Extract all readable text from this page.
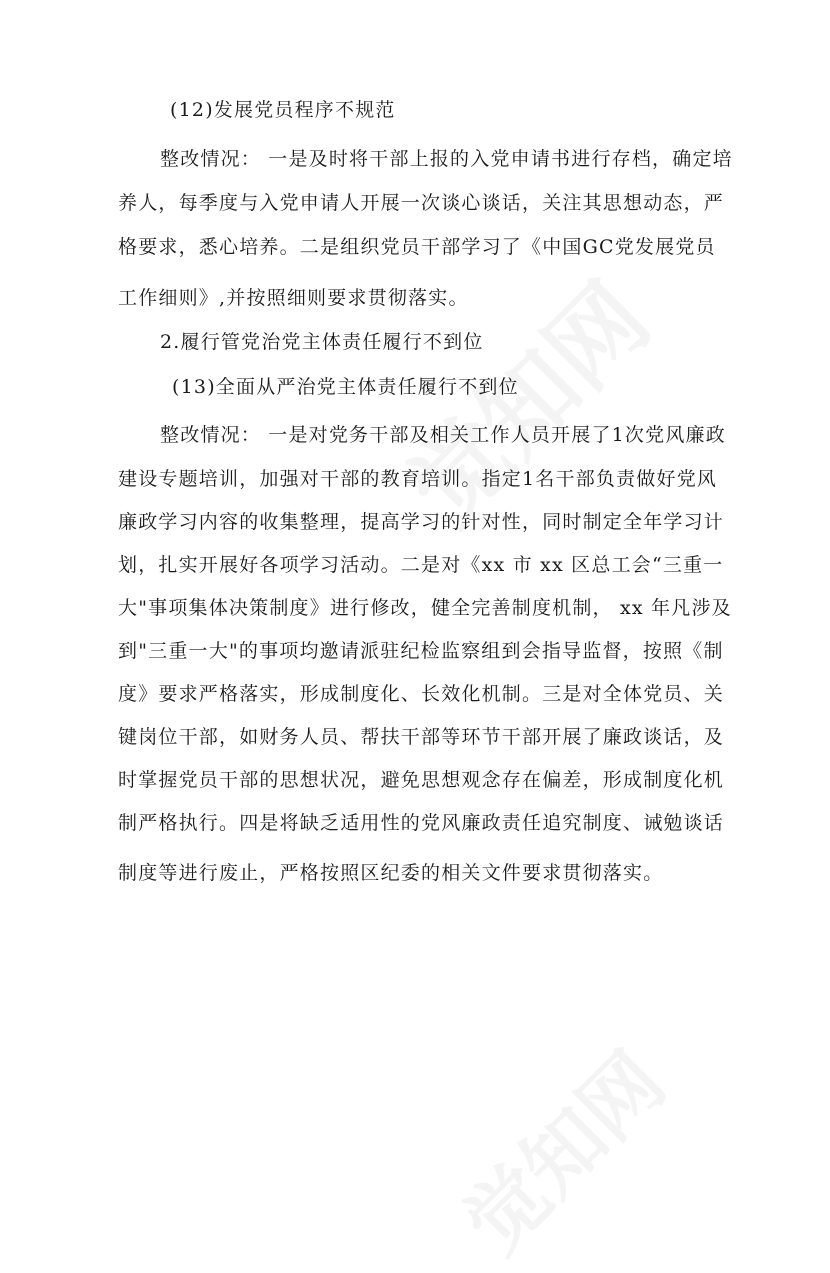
(12)发展党员程序不规范
整改情况： 一是及时将干部上报的入党申请书进行存档，确定培
养人，每季度与入党申请人开展一次谈心谈话，关注其思想动态，严
格要求，悉心培养。二是组织党员干部学习了《中国GC党发展党员
工作细则》,并按照细则要求贯彻落实。
2.履行管党治党主体责任履行不到位
(13)全面从严治党主体责任履行不到位
整改情况： 一是对党务干部及相关工作人员开展了1次党风廉政
建设专题培训，加强对干部的教育培训。指定1名干部负责做好党风
廉政学习内容的收集整理，提高学习的针对性，同时制定全年学习计
划，扎实开展好各项学习活动。二是对《xx 市 xx 区总工会“三重一
大"事项集体决策制度》进行修改，健全完善制度机制， xx 年凡涉及
到"三重一大"的事项均邀请派驻纪检监察组到会指导监督，按照《制
度》要求严格落实，形成制度化、长效化机制。三是对全体党员、关
键岗位干部，如财务人员、帮扶干部等环节干部开展了廉政谈话，及
时掌握党员干部的思想状况，避免思想观念存在偏差，形成制度化机
制严格执行。四是将缺乏适用性的党风廉政责任追究制度、诫勉谈话
制度等进行废止，严格按照区纪委的相关文件要求贯彻落实。
